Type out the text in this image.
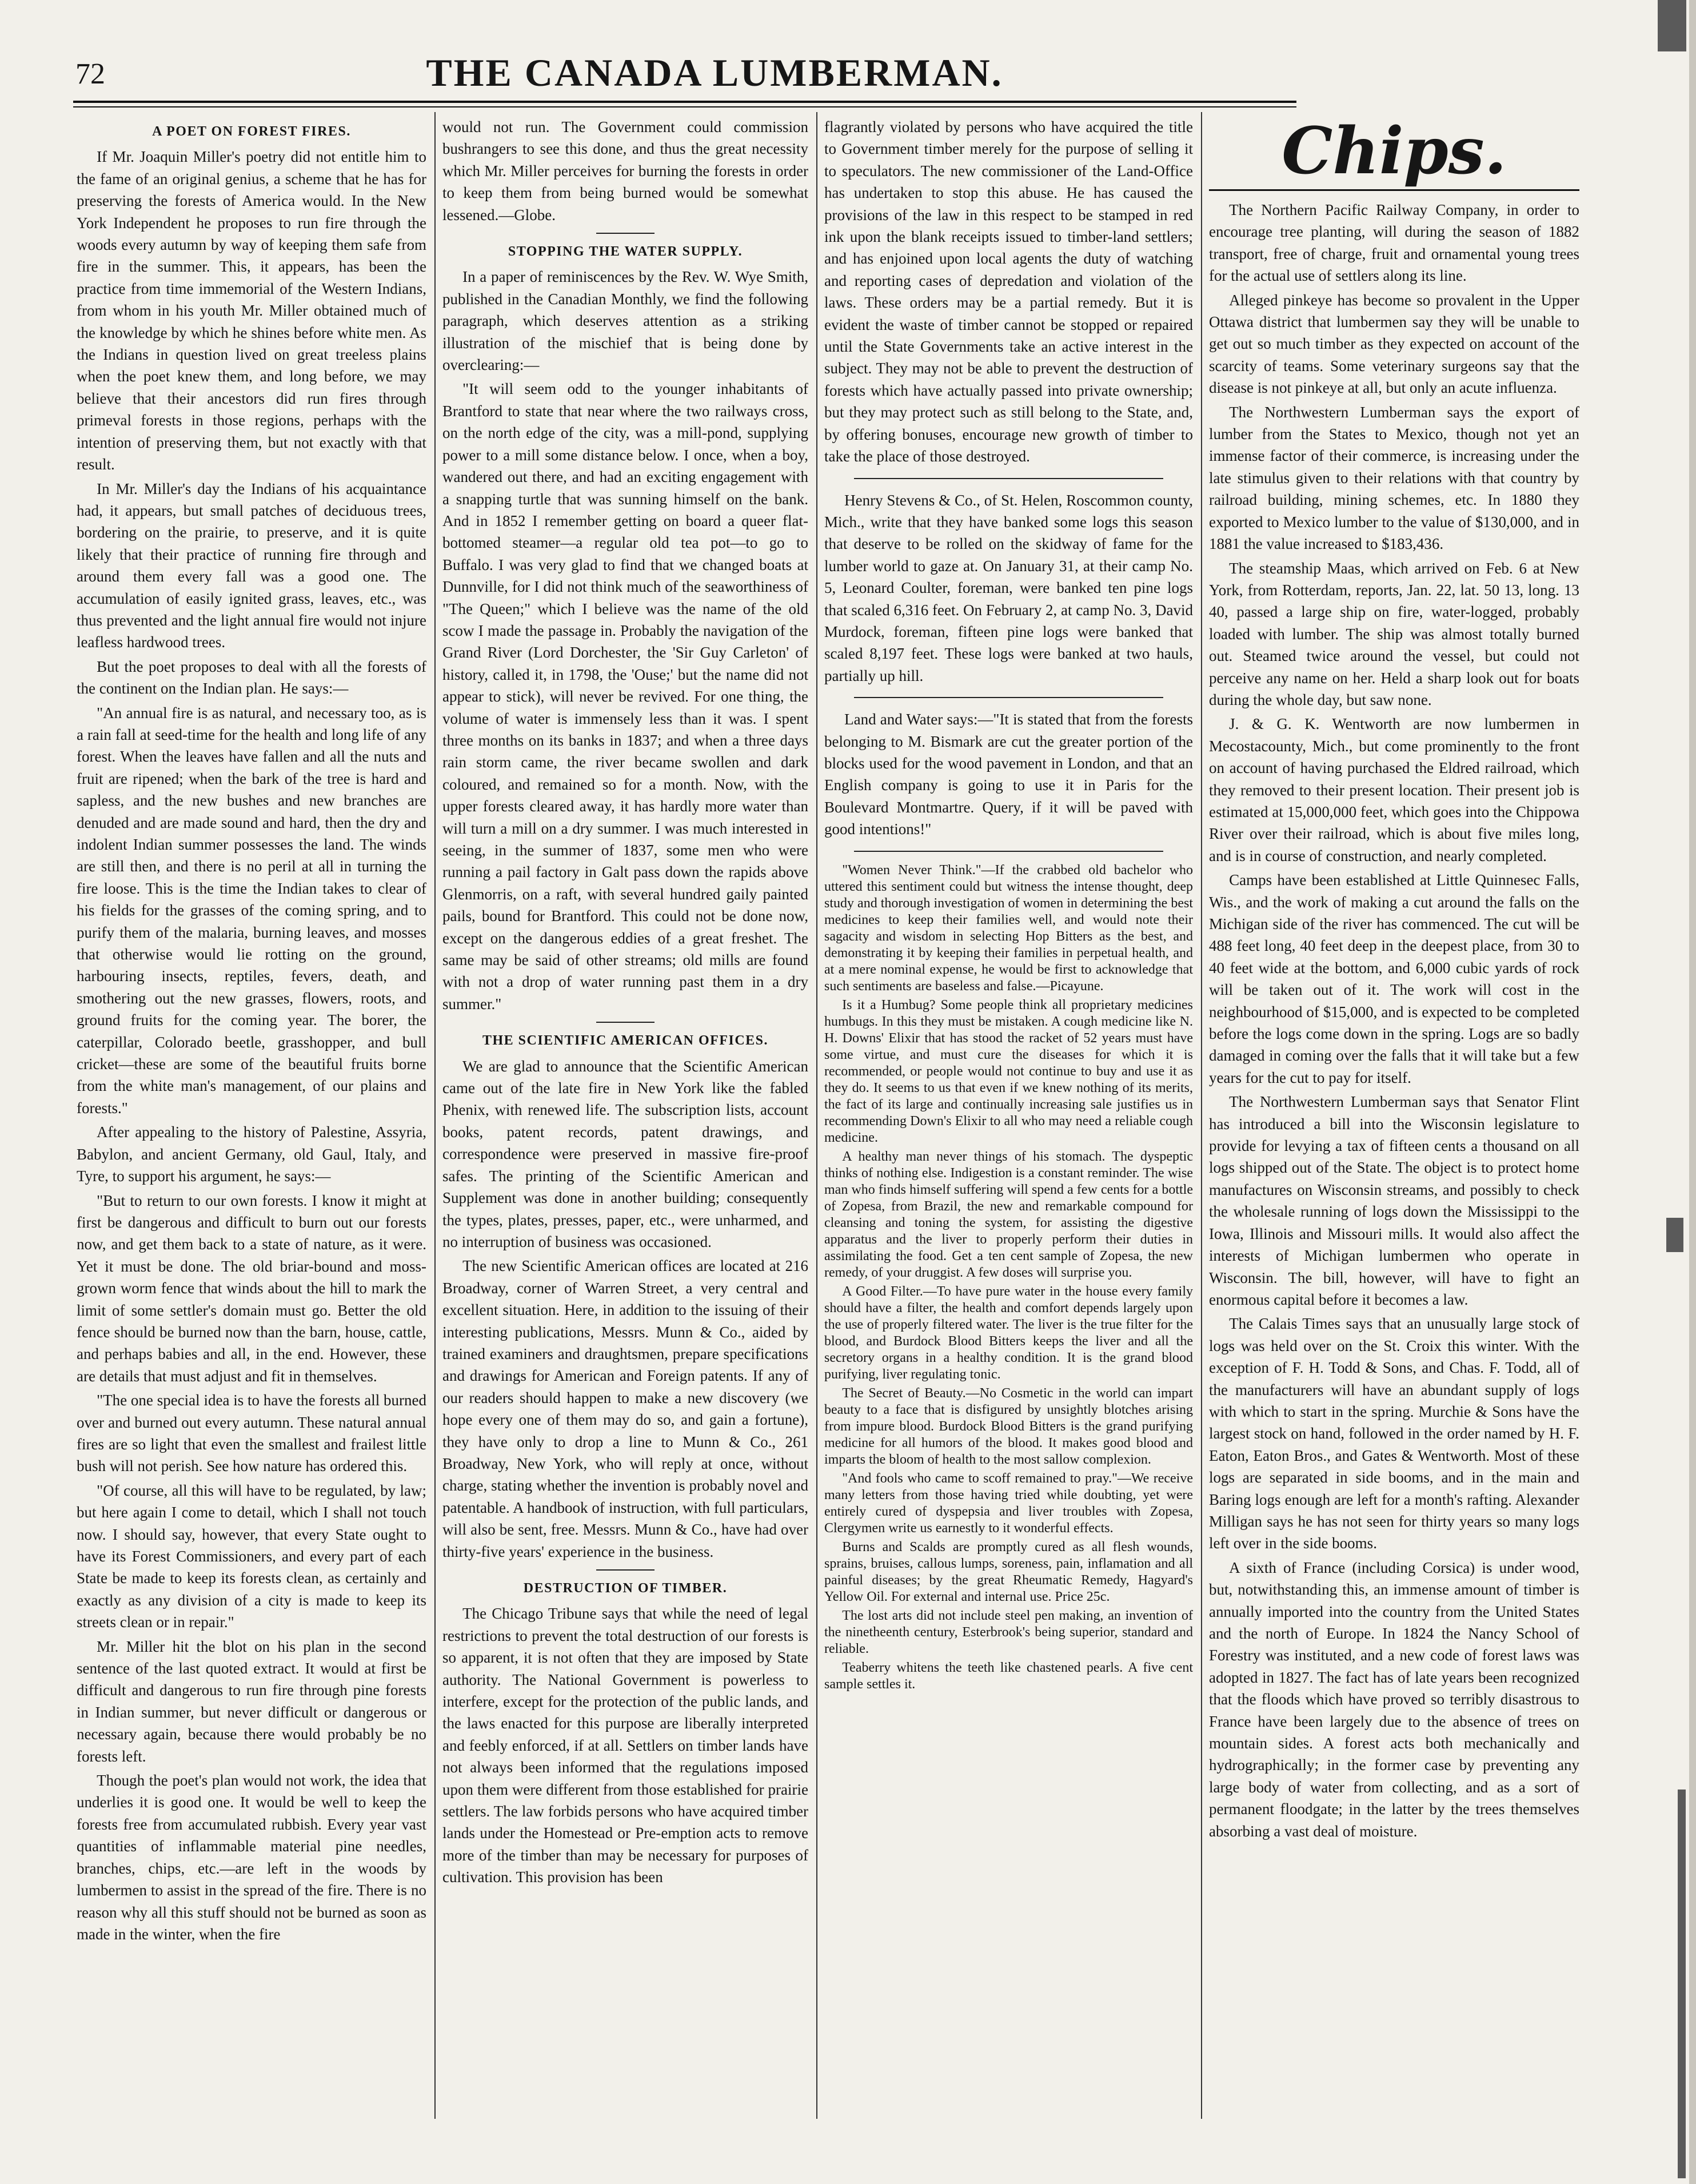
72	THE CANADA LUMBERMAN.
A POET ON FOREST FIRES.

If Mr. Joaquin Miller's poetry did not entitle him to the fame of an original genius, a scheme that he has for preserving the forests of America would. In the New York Independent he proposes to run fire through the woods every autumn by way of keeping them safe from fire in the summer. This, it appears, has been the practice from time immemorial of the Western Indians, from whom in his youth Mr. Miller obtained much of the knowledge by which he shines before white men. As the Indians in question lived on great treeless plains when the poet knew them, and long before, we may believe that their ancestors did run fires through primeval forests in those regions, perhaps with the intention of preserving them, but not exactly with that result.

In Mr. Miller's day the Indians of his acquaintance had, it appears, but small patches of deciduous trees, bordering on the prairie, to preserve, and it is quite likely that their practice of running fire through and around them every fall was a good one. The accumulation of easily ignited grass, leaves, etc., was thus prevented and the light annual fire would not injure leafless hardwood trees.

But the poet proposes to deal with all the forests of the continent on the Indian plan. He says:—

"An annual fire is as natural, and necessary too, as is a rain fall at seed-time for the health and long life of any forest. When the leaves have fallen and all the nuts and fruit are ripened; when the bark of the tree is hard and sapless, and the new bushes and new branches are denuded and are made sound and hard, then the dry and indolent Indian summer possesses the land. The winds are still then, and there is no peril at all in turning the fire loose. This is the time the Indian takes to clear of his fields for the grasses of the coming spring, and to purify them of the malaria, burning leaves, and mosses that otherwise would lie rotting on the ground, harbouring insects, reptiles, fevers, death, and smothering out the new grasses, flowers, roots, and ground fruits for the coming year. The borer, the caterpillar, Colorado beetle, grasshopper, and bull cricket—these are some of the beautiful fruits borne from the white man's management, of our plains and forests."

After appealing to the history of Palestine, Assyria, Babylon, and ancient Germany, old Gaul, Italy, and Tyre, to support his argument, he says:—

"But to return to our own forests. I know it might at first be dangerous and difficult to burn out our forests now, and get them back to a state of nature, as it were. Yet it must be done. The old briar-bound and moss-grown worm fence that winds about the hill to mark the limit of some settler's domain must go. Better the old fence should be burned now than the barn, house, cattle, and perhaps babies and all, in the end. However, these are details that must adjust and fit in themselves.

"The one special idea is to have the forests all burned over and burned out every autumn. These natural annual fires are so light that even the smallest and frailest little bush will not perish. See how nature has ordered this.

"Of course, all this will have to be regulated, by law; but here again I come to detail, which I shall not touch now. I should say, however, that every State ought to have its Forest Commissioners, and every part of each State be made to keep its forests clean, as certainly and exactly as any division of a city is made to keep its streets clean or in repair."

Mr. Miller hit the blot on his plan in the second sentence of the last quoted extract. It would at first be difficult and dangerous to run fire through pine forests in Indian summer, but never difficult or dangerous or necessary again, because there would probably be no forests left.

Though the poet's plan would not work, the idea that underlies it is good one. It would be well to keep the forests free from accumulated rubbish. Every year vast quantities of inflammable material pine needles, branches, chips, etc.—are left in the woods by lumbermen to assist in the spread of the fire. There is no reason why all this stuff should not be burned as soon as made in the winter, when the fire

would not run. The Government could commission bushrangers to see this done, and thus the great necessity which Mr. Miller perceives for burning the forests in order to keep them from being burned would be somewhat lessened.—Globe.

STOPPING THE WATER SUPPLY.

In a paper of reminiscences by the Rev. W. Wye Smith, published in the Canadian Monthly, we find the following paragraph, which deserves attention as a striking illustration of the mischief that is being done by overclearing:—

"It will seem odd to the younger inhabitants of Brantford to state that near where the two railways cross, on the north edge of the city, was a mill-pond, supplying power to a mill some distance below. I once, when a boy, wandered out there, and had an exciting engagement with a snapping turtle that was sunning himself on the bank. And in 1852 I remember getting on board a queer flat-bottomed steamer—a regular old tea pot—to go to Buffalo. I was very glad to find that we changed boats at Dunnville, for I did not think much of the seaworthiness of "The Queen;" which I believe was the name of the old scow I made the passage in. Probably the navigation of the Grand River (Lord Dorchester, the 'Sir Guy Carleton' of history, called it, in 1798, the 'Ouse;' but the name did not appear to stick), will never be revived. For one thing, the volume of water is immensely less than it was. I spent three months on its banks in 1837; and when a three days rain storm came, the river became swollen and dark coloured, and remained so for a month. Now, with the upper forests cleared away, it has hardly more water than will turn a mill on a dry summer. I was much interested in seeing, in the summer of 1837, some men who were running a pail factory in Galt pass down the rapids above Glenmorris, on a raft, with several hundred gaily painted pails, bound for Brantford. This could not be done now, except on the dangerous eddies of a great freshet. The same may be said of other streams; old mills are found with not a drop of water running past them in a dry summer."

THE SCIENTIFIC AMERICAN OFFICES.

We are glad to announce that the Scientific American came out of the late fire in New York like the fabled Phenix, with renewed life. The subscription lists, account books, patent records, patent drawings, and correspondence were preserved in massive fire-proof safes. The printing of the Scientific American and Supplement was done in another building; consequently the types, plates, presses, paper, etc., were unharmed, and no interruption of business was occasioned.

The new Scientific American offices are located at 216 Broadway, corner of Warren Street, a very central and excellent situation. Here, in addition to the issuing of their interesting publications, Messrs. Munn & Co., aided by trained examiners and draughtsmen, prepare specifications and drawings for American and Foreign patents. If any of our readers should happen to make a new discovery (we hope every one of them may do so, and gain a fortune), they have only to drop a line to Munn & Co., 261 Broadway, New York, who will reply at once, without charge, stating whether the invention is probably novel and patentable. A handbook of instruction, with full particulars, will also be sent, free. Messrs. Munn & Co., have had over thirty-five years' experience in the business.

DESTRUCTION OF TIMBER.

The Chicago Tribune says that while the need of legal restrictions to prevent the total destruction of our forests is so apparent, it is not often that they are imposed by State authority. The National Government is powerless to interfere, except for the protection of the public lands, and the laws enacted for this purpose are liberally interpreted and feebly enforced, if at all. Settlers on timber lands have not always been informed that the regulations imposed upon them were different from those established for prairie settlers. The law forbids persons who have acquired timber lands under the Homestead or Pre-emption acts to remove more of the timber than may be necessary for purposes of cultivation. This provision has been

flagrantly violated by persons who have acquired the title to Government timber merely for the purpose of selling it to speculators. The new commissioner of the Land-Office has undertaken to stop this abuse. He has caused the provisions of the law in this respect to be stamped in red ink upon the blank receipts issued to timber-land settlers; and has enjoined upon local agents the duty of watching and reporting cases of depredation and violation of the laws. These orders may be a partial remedy. But it is evident the waste of timber cannot be stopped or repaired until the State Governments take an active interest in the subject. They may not be able to prevent the destruction of forests which have actually passed into private ownership; but they may protect such as still belong to the State, and, by offering bonuses, encourage new growth of timber to take the place of those destroyed.

Henry Stevens & Co., of St. Helen, Roscommon county, Mich., write that they have banked some logs this season that deserve to be rolled on the skidway of fame for the lumber world to gaze at. On January 31, at their camp No. 5, Leonard Coulter, foreman, were banked ten pine logs that scaled 6,316 feet. On February 2, at camp No. 3, David Murdock, foreman, fifteen pine logs were banked that scaled 8,197 feet. These logs were banked at two hauls, partially up hill.

Land and Water says:—"It is stated that from the forests belonging to M. Bismark are cut the greater portion of the blocks used for the wood pavement in London, and that an English company is going to use it in Paris for the Boulevard Montmartre. Query, if it will be paved with good intentions!"

"Women Never Think."—If the crabbed old bachelor who uttered this sentiment could but witness the intense thought, deep study and thorough investigation of women in determining the best medicines to keep their families well, and would note their sagacity and wisdom in selecting Hop Bitters as the best, and demonstrating it by keeping their families in perpetual health, and at a mere nominal expense, he would be first to acknowledge that such sentiments are baseless and false.—Picayune.

Is it a Humbug? Some people think all proprietary medicines humbugs. In this they must be mistaken. A cough medicine like N. H. Downs' Elixir that has stood the racket of 52 years must have some virtue, and must cure the diseases for which it is recommended, or people would not continue to buy and use it as they do. It seems to us that even if we knew nothing of its merits, the fact of its large and continually increasing sale justifies us in recommending Down's Elixir to all who may need a reliable cough medicine.

A healthy man never things of his stomach. The dyspeptic thinks of nothing else. Indigestion is a constant reminder. The wise man who finds himself suffering will spend a few cents for a bottle of Zopesa, from Brazil, the new and remarkable compound for cleansing and toning the system, for assisting the digestive apparatus and the liver to properly perform their duties in assimilating the food. Get a ten cent sample of Zopesa, the new remedy, of your druggist. A few doses will surprise you.

A Good Filter.—To have pure water in the house every family should have a filter, the health and comfort depends largely upon the use of properly filtered water. The liver is the true filter for the blood, and Burdock Blood Bitters keeps the liver and all the secretory organs in a healthy condition. It is the grand blood purifying, liver regulating tonic.

The Secret of Beauty.—No Cosmetic in the world can impart beauty to a face that is disfigured by unsightly blotches arising from impure blood. Burdock Blood Bitters is the grand purifying medicine for all humors of the blood. It makes good blood and imparts the bloom of health to the most sallow complexion.

"And fools who came to scoff remained to pray."—We receive many letters from those having tried while doubting, yet were entirely cured of dyspepsia and liver troubles with Zopesa, Clergymen write us earnestly to it wonderful effects.

Burns and Scalds are promptly cured as all flesh wounds, sprains, bruises, callous lumps, soreness, pain, inflamation and all painful diseases; by the great Rheumatic Remedy, Hagyard's Yellow Oil. For external and internal use. Price 25c.

The lost arts did not include steel pen making, an invention of the ninetheenth century, Esterbrook's being superior, standard and reliable.

Teaberry whitens the teeth like chastened pearls. A five cent sample settles it.

Chips.

The Northern Pacific Railway Company, in order to encourage tree planting, will during the season of 1882 transport, free of charge, fruit and ornamental young trees for the actual use of settlers along its line.

Alleged pinkeye has become so provalent in the Upper Ottawa district that lumbermen say they will be unable to get out so much timber as they expected on account of the scarcity of teams. Some veterinary surgeons say that the disease is not pinkeye at all, but only an acute influenza.

The Northwestern Lumberman says the export of lumber from the States to Mexico, though not yet an immense factor of their commerce, is increasing under the late stimulus given to their relations with that country by railroad building, mining schemes, etc. In 1880 they exported to Mexico lumber to the value of $130,000, and in 1881 the value increased to $183,436.

The steamship Maas, which arrived on Feb. 6 at New York, from Rotterdam, reports, Jan. 22, lat. 50 13, long. 13 40, passed a large ship on fire, water-logged, probably loaded with lumber. The ship was almost totally burned out. Steamed twice around the vessel, but could not perceive any name on her. Held a sharp look out for boats during the whole day, but saw none.

J. & G. K. Wentworth are now lumbermen in Mecostacounty, Mich., but come prominently to the front on account of having purchased the Eldred railroad, which they removed to their present location. Their present job is estimated at 15,000,000 feet, which goes into the Chippowa River over their railroad, which is about five miles long, and is in course of construction, and nearly completed.

Camps have been established at Little Quinnesec Falls, Wis., and the work of making a cut around the falls on the Michigan side of the river has commenced. The cut will be 488 feet long, 40 feet deep in the deepest place, from 30 to 40 feet wide at the bottom, and 6,000 cubic yards of rock will be taken out of it. The work will cost in the neighbourhood of $15,000, and is expected to be completed before the logs come down in the spring. Logs are so badly damaged in coming over the falls that it will take but a few years for the cut to pay for itself.

The Northwestern Lumberman says that Senator Flint has introduced a bill into the Wisconsin legislature to provide for levying a tax of fifteen cents a thousand on all logs shipped out of the State. The object is to protect home manufactures on Wisconsin streams, and possibly to check the wholesale running of logs down the Mississippi to the Iowa, Illinois and Missouri mills. It would also affect the interests of Michigan lumbermen who operate in Wisconsin. The bill, however, will have to fight an enormous capital before it becomes a law.

The Calais Times says that an unusually large stock of logs was held over on the St. Croix this winter. With the exception of F. H. Todd & Sons, and Chas. F. Todd, all of the manufacturers will have an abundant supply of logs with which to start in the spring. Murchie & Sons have the largest stock on hand, followed in the order named by H. F. Eaton, Eaton Bros., and Gates & Wentworth. Most of these logs are separated in side booms, and in the main and Baring logs enough are left for a month's rafting. Alexander Milligan says he has not seen for thirty years so many logs left over in the side booms.

A sixth of France (including Corsica) is under wood, but, notwithstanding this, an immense amount of timber is annually imported into the country from the United States and the north of Europe. In 1824 the Nancy School of Forestry was instituted, and a new code of forest laws was adopted in 1827. The fact has of late years been recognized that the floods which have proved so terribly disastrous to France have been largely due to the absence of trees on mountain sides. A forest acts both mechanically and hydrographically; in the former case by preventing any large body of water from collecting, and as a sort of permanent floodgate; in the latter by the trees themselves absorbing a vast deal of moisture.
